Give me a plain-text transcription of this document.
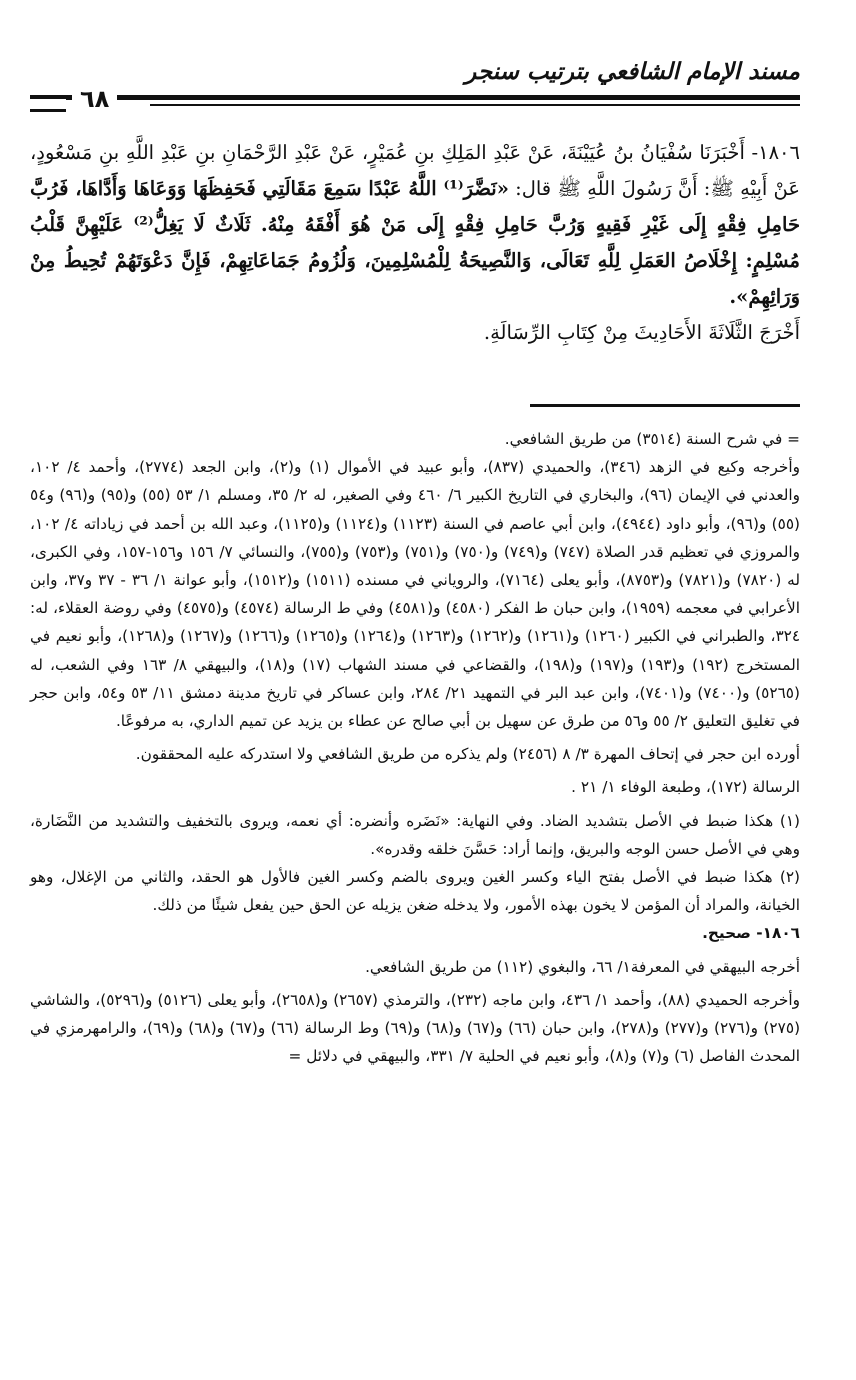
مسند الإمام الشافعي بترتيب سنجر
٦٨

١٨٠٦- أَخْبَرَنَا سُفْيَانُ بنُ عُيَيْنَةَ، عَنْ عَبْدِ المَلِكِ بنِ عُمَيْرٍ، عَنْ عَبْدِ الرَّحْمَانِ بنِ عَبْدِ اللَّهِ بنِ مَسْعُودٍ، عَنْ أَبِيْهِ ﷺ: أَنَّ رَسُولَ اللَّهِ ﷺ قال: «نَضَّرَ⁽¹⁾ اللَّهُ عَبْدًا سَمِعَ مَقَالَتِي فَحَفِظَهَا وَوَعَاهَا وَأَدَّاهَا، فَرُبَّ حَامِلِ فِقْهٍ إِلَى غَيْرِ فَقِيهٍ وَرُبَّ حَامِلِ فِقْهٍ إِلَى مَنْ هُوَ أَفْقَهُ مِنْهُ. ثَلَاثٌ لَا يَغِلُّ⁽²⁾ عَلَيْهِنَّ قَلْبُ مُسْلِمٍ: إِخْلَاصُ العَمَلِ لِلَّهِ تَعَالَى، وَالنَّصِيحَةُ لِلْمُسْلِمِينَ، وَلُزُومُ جَمَاعَاتِهِمْ، فَإِنَّ دَعْوَتَهُمْ تُحِيطُ مِنْ وَرَائِهِمْ».

أَخْرَجَ الثَّلَاثَةَ الأَحَادِيثَ مِنْ كِتَابِ الرِّسَالَةِ.

= في شرح السنة (٣٥١٤) من طريق الشافعي.

وأخرجه وكيع في الزهد (٣٤٦)، والحميدي (٨٣٧)، وأبو عبيد في الأموال (١) و(٢)، وابن الجعد (٢٧٧٤)، وأحمد ٤/ ١٠٢، والعدني في الإيمان (٩٦)، والبخاري في التاريخ الكبير ٦/ ٤٦٠ وفي الصغير، له ٢/ ٣٥، ومسلم ١/ ٥٣ (٥٥) و(٩٥) و(٩٦) و٥٤ (٥٥) و(٩٦)، وأبو داود (٤٩٤٤)، وابن أبي عاصم في السنة (١١٢٣) و(١١٢٤) و(١١٢٥)، وعبد الله بن أحمد في زياداته ٤/ ١٠٢، والمروزي في تعظيم قدر الصلاة (٧٤٧) و(٧٤٩) و(٧٥٠) و(٧٥١) و(٧٥٣) و(٧٥٥)، والنسائي ٧/ ١٥٦ و١٥٦-١٥٧، وفي الكبرى، له (٧٨٢٠) و(٧٨٢١) و(٨٧٥٣)، وأبو يعلى (٧١٦٤)، والروياني في مسنده (١٥١١) و(١٥١٢)، وأبو عوانة ١/ ٣٦ - ٣٧ و٣٧، وابن الأعرابي في معجمه (١٩٥٩)، وابن حبان ط الفكر (٤٥٨٠) و(٤٥٨١) وفي ط الرسالة (٤٥٧٤) و(٤٥٧٥) وفي روضة العقلاء، له: ٣٢٤، والطبراني في الكبير (١٢٦٠) و(١٢٦١) و(١٢٦٢) و(١٢٦٣) و(١٢٦٤) و(١٢٦٥) و(١٢٦٦) و(١٢٦٧) و(١٢٦٨)، وأبو نعيم في المستخرج (١٩٢) و(١٩٣) و(١٩٧) و(١٩٨)، والقضاعي في مسند الشهاب (١٧) و(١٨)، والبيهقي ٨/ ١٦٣ وفي الشعب، له (٥٢٦٥) و(٧٤٠٠) و(٧٤٠١)، وابن عبد البر في التمهيد ٢١/ ٢٨٤، وابن عساكر في تاريخ مدينة دمشق ١١/ ٥٣ و٥٤، وابن حجر في تغليق التعليق ٢/ ٥٥ و٥٦ من طرق عن سهيل بن أبي صالح عن عطاء بن يزيد عن تميم الداري، به مرفوعًا.

أورده ابن حجر في إتحاف المهرة ٣/ ٨ (٢٤٥٦) ولم يذكره من طريق الشافعي ولا استدركه عليه المحققون.

الرسالة (١٧٢)، وطبعة الوفاء ١/ ٢١ .

(١) هكذا ضبط في الأصل بتشديد الضاد. وفي النهاية: «نَضَره وأنضره: أي نعمه، ويروى بالتخفيف والتشديد من النَّضَارة، وهي في الأصل حسن الوجه والبريق، وإنما أراد: حَسَّنَ خلقه وقدره».

(٢) هكذا ضبط في الأصل بفتح الياء وكسر الغين ويروى بالضم وكسر الغين فالأول هو الحقد، والثاني من الإغلال، وهو الخيانة، والمراد أن المؤمن لا يخون بهذه الأمور، ولا يدخله ضغن يزيله عن الحق حين يفعل شيئًا من ذلك.

١٨٠٦- صحيح.

أخرجه البيهقي في المعرفة١/ ٦٦، والبغوي (١١٢) من طريق الشافعي.

وأخرجه الحميدي (٨٨)، وأحمد ١/ ٤٣٦، وابن ماجه (٢٣٢)، والترمذي (٢٦٥٧) و(٢٦٥٨)، وأبو يعلى (٥١٢٦) و(٥٢٩٦)، والشاشي (٢٧٥) و(٢٧٦) و(٢٧٧) و(٢٧٨)، وابن حبان (٦٦) و(٦٧) و(٦٨) و(٦٩) وط الرسالة (٦٦) و(٦٧) و(٦٨) و(٦٩)، والرامهرمزي في المحدث الفاصل (٦) و(٧) و(٨)، وأبو نعيم في الحلية ٧/ ٣٣١، والبيهقي في دلائل =
